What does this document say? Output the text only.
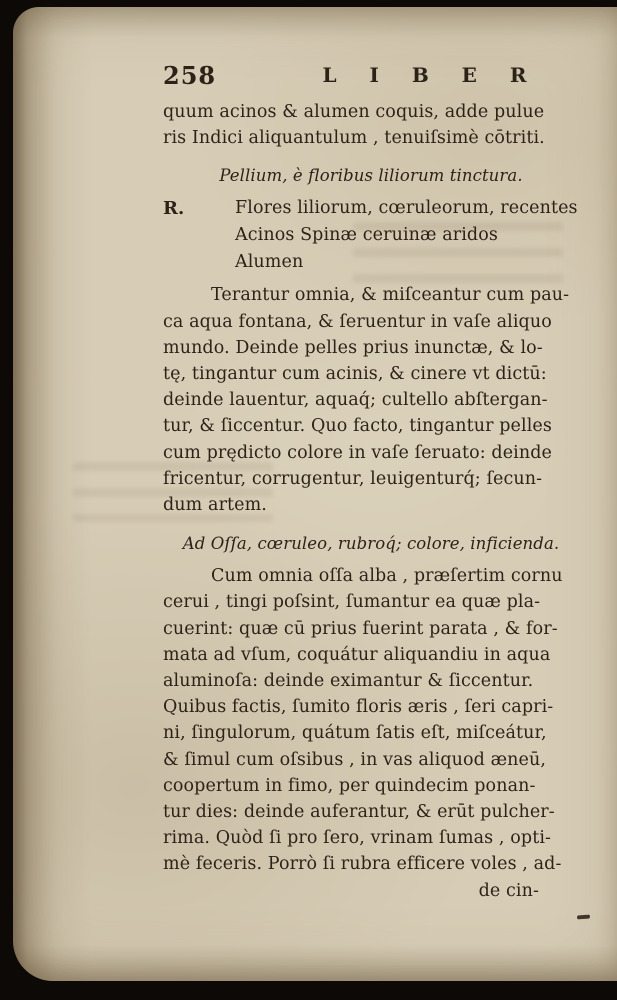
258	L I B E R
quum acinos & alumen coquis, adde pulue
ris Indici aliquantulum , tenuiſsimè cōtriti.
Pellium, è floribus liliorum tinctura.
R.	Flores liliorum, cœruleorum, recentes
Acinos Spinæ ceruinæ aridos
Alumen
Terantur omnia, & miſceantur cum pau-
ca aqua fontana, & ſeruentur in vaſe aliquo
mundo. Deinde pelles prius inunctæ, & lo-
tę, tingantur cum acinis, & cinere vt dictū:
deinde lauentur, aquaq́; cultello abſtergan-
tur, & ſiccentur. Quo facto, tingantur pelles
cum prędicto colore in vaſe ſeruato: deinde
fricentur, corrugentur, leuigenturq́; ſecun-
dum artem.
Ad Oſſa, cœruleo, rubroq́; colore, inficienda.
Cum omnia oſſa alba , præſertim cornu
cerui , tingi poſsint, ſumantur ea quæ pla-
cuerint: quæ cū prius fuerint parata , & for-
mata ad vſum, coquátur aliquandiu in aqua
aluminoſa: deinde eximantur & ſiccentur.
Quibus factis, ſumito floris æris , ſeri capri-
ni, ſingulorum, quátum ſatis eſt, miſceátur,
& ſimul cum oſsibus , in vas aliquod æneū,
coopertum in fimo, per quindecim ponan-
tur dies: deinde auferantur, & erūt pulcher-
rima. Quòd ſi pro ſero, vrinam ſumas , opti-
mè feceris. Porrò ſi rubra efficere voles , ad-
de cin-
